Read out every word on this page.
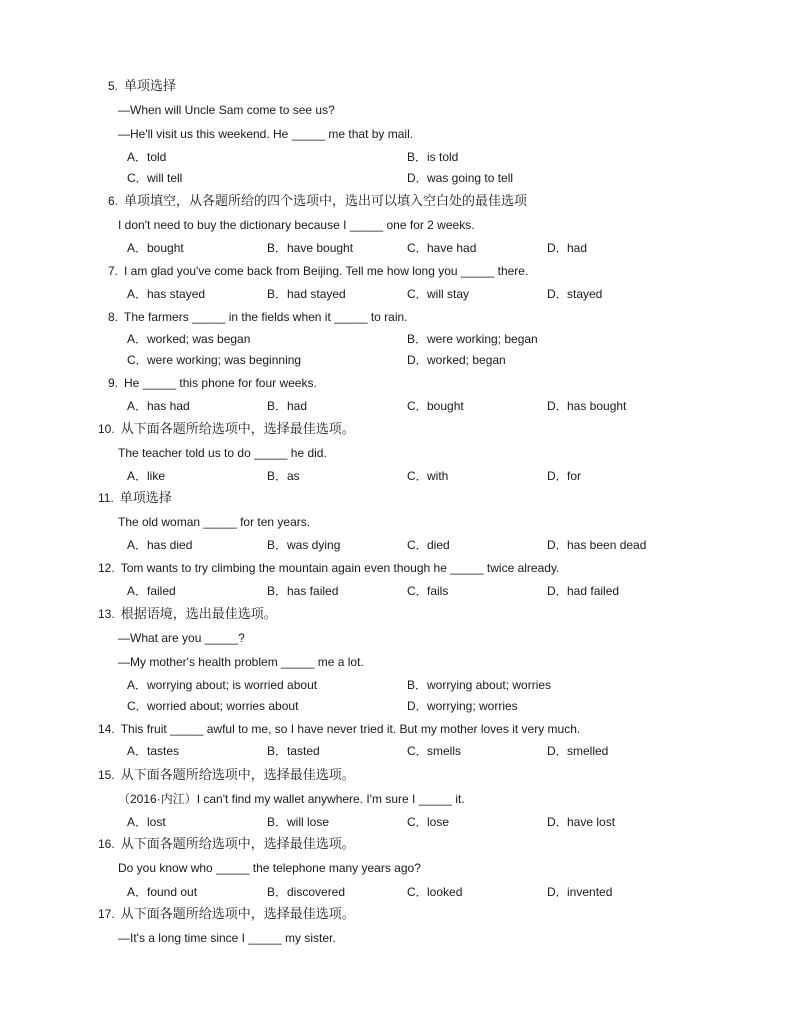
5. 单项选择
—When will Uncle Sam come to see us?
—He'll visit us this weekend. He _____ me that by mail.
A．told	B．is told
C．will tell	D．was going to tell
6. 单项填空，从各题所给的四个选项中，选出可以填入空白处的最佳选项
I don't need to buy the dictionary because I _____ one for 2 weeks.
A．bought	B．have bought	C．have had	D．had
7. I am glad you've come back from Beijing. Tell me how long you _____ there.
A．has stayed	B．had stayed	C．will stay	D．stayed
8. The farmers _____ in the fields when it _____ to rain.
A．worked; was began	B．were working; began
C．were working; was beginning	D．worked; began
9. He _____ this phone for four weeks.
A．has had	B．had	C．bought	D．has bought
10. 从下面各题所给选项中，选择最佳选项。
The teacher told us to do _____ he did.
A．like	B．as	C．with	D．for
11. 单项选择
The old woman _____ for ten years.
A．has died	B．was dying	C．died	D．has been dead
12. Tom wants to try climbing the mountain again even though he _____ twice already.
A．failed	B．has failed	C．fails	D．had failed
13. 根据语境，选出最佳选项。
—What are you _____?
—My mother's health problem _____ me a lot.
A．worrying about; is worried about	B．worrying about; worries
C．worried about; worries about	D．worrying; worries
14. This fruit _____ awful to me, so I have never tried it. But my mother loves it very much.
A．tastes	B．tasted	C．smells	D．smelled
15. 从下面各题所给选项中，选择最佳选项。
（2016·内江）I can't find my wallet anywhere. I'm sure I _____ it.
A．lost	B．will lose	C．lose	D．have lost
16. 从下面各题所给选项中，选择最佳选项。
Do you know who _____ the telephone many years ago?
A．found out	B．discovered	C．looked	D．invented
17. 从下面各题所给选项中，选择最佳选项。
—It's a long time since I _____ my sister.
